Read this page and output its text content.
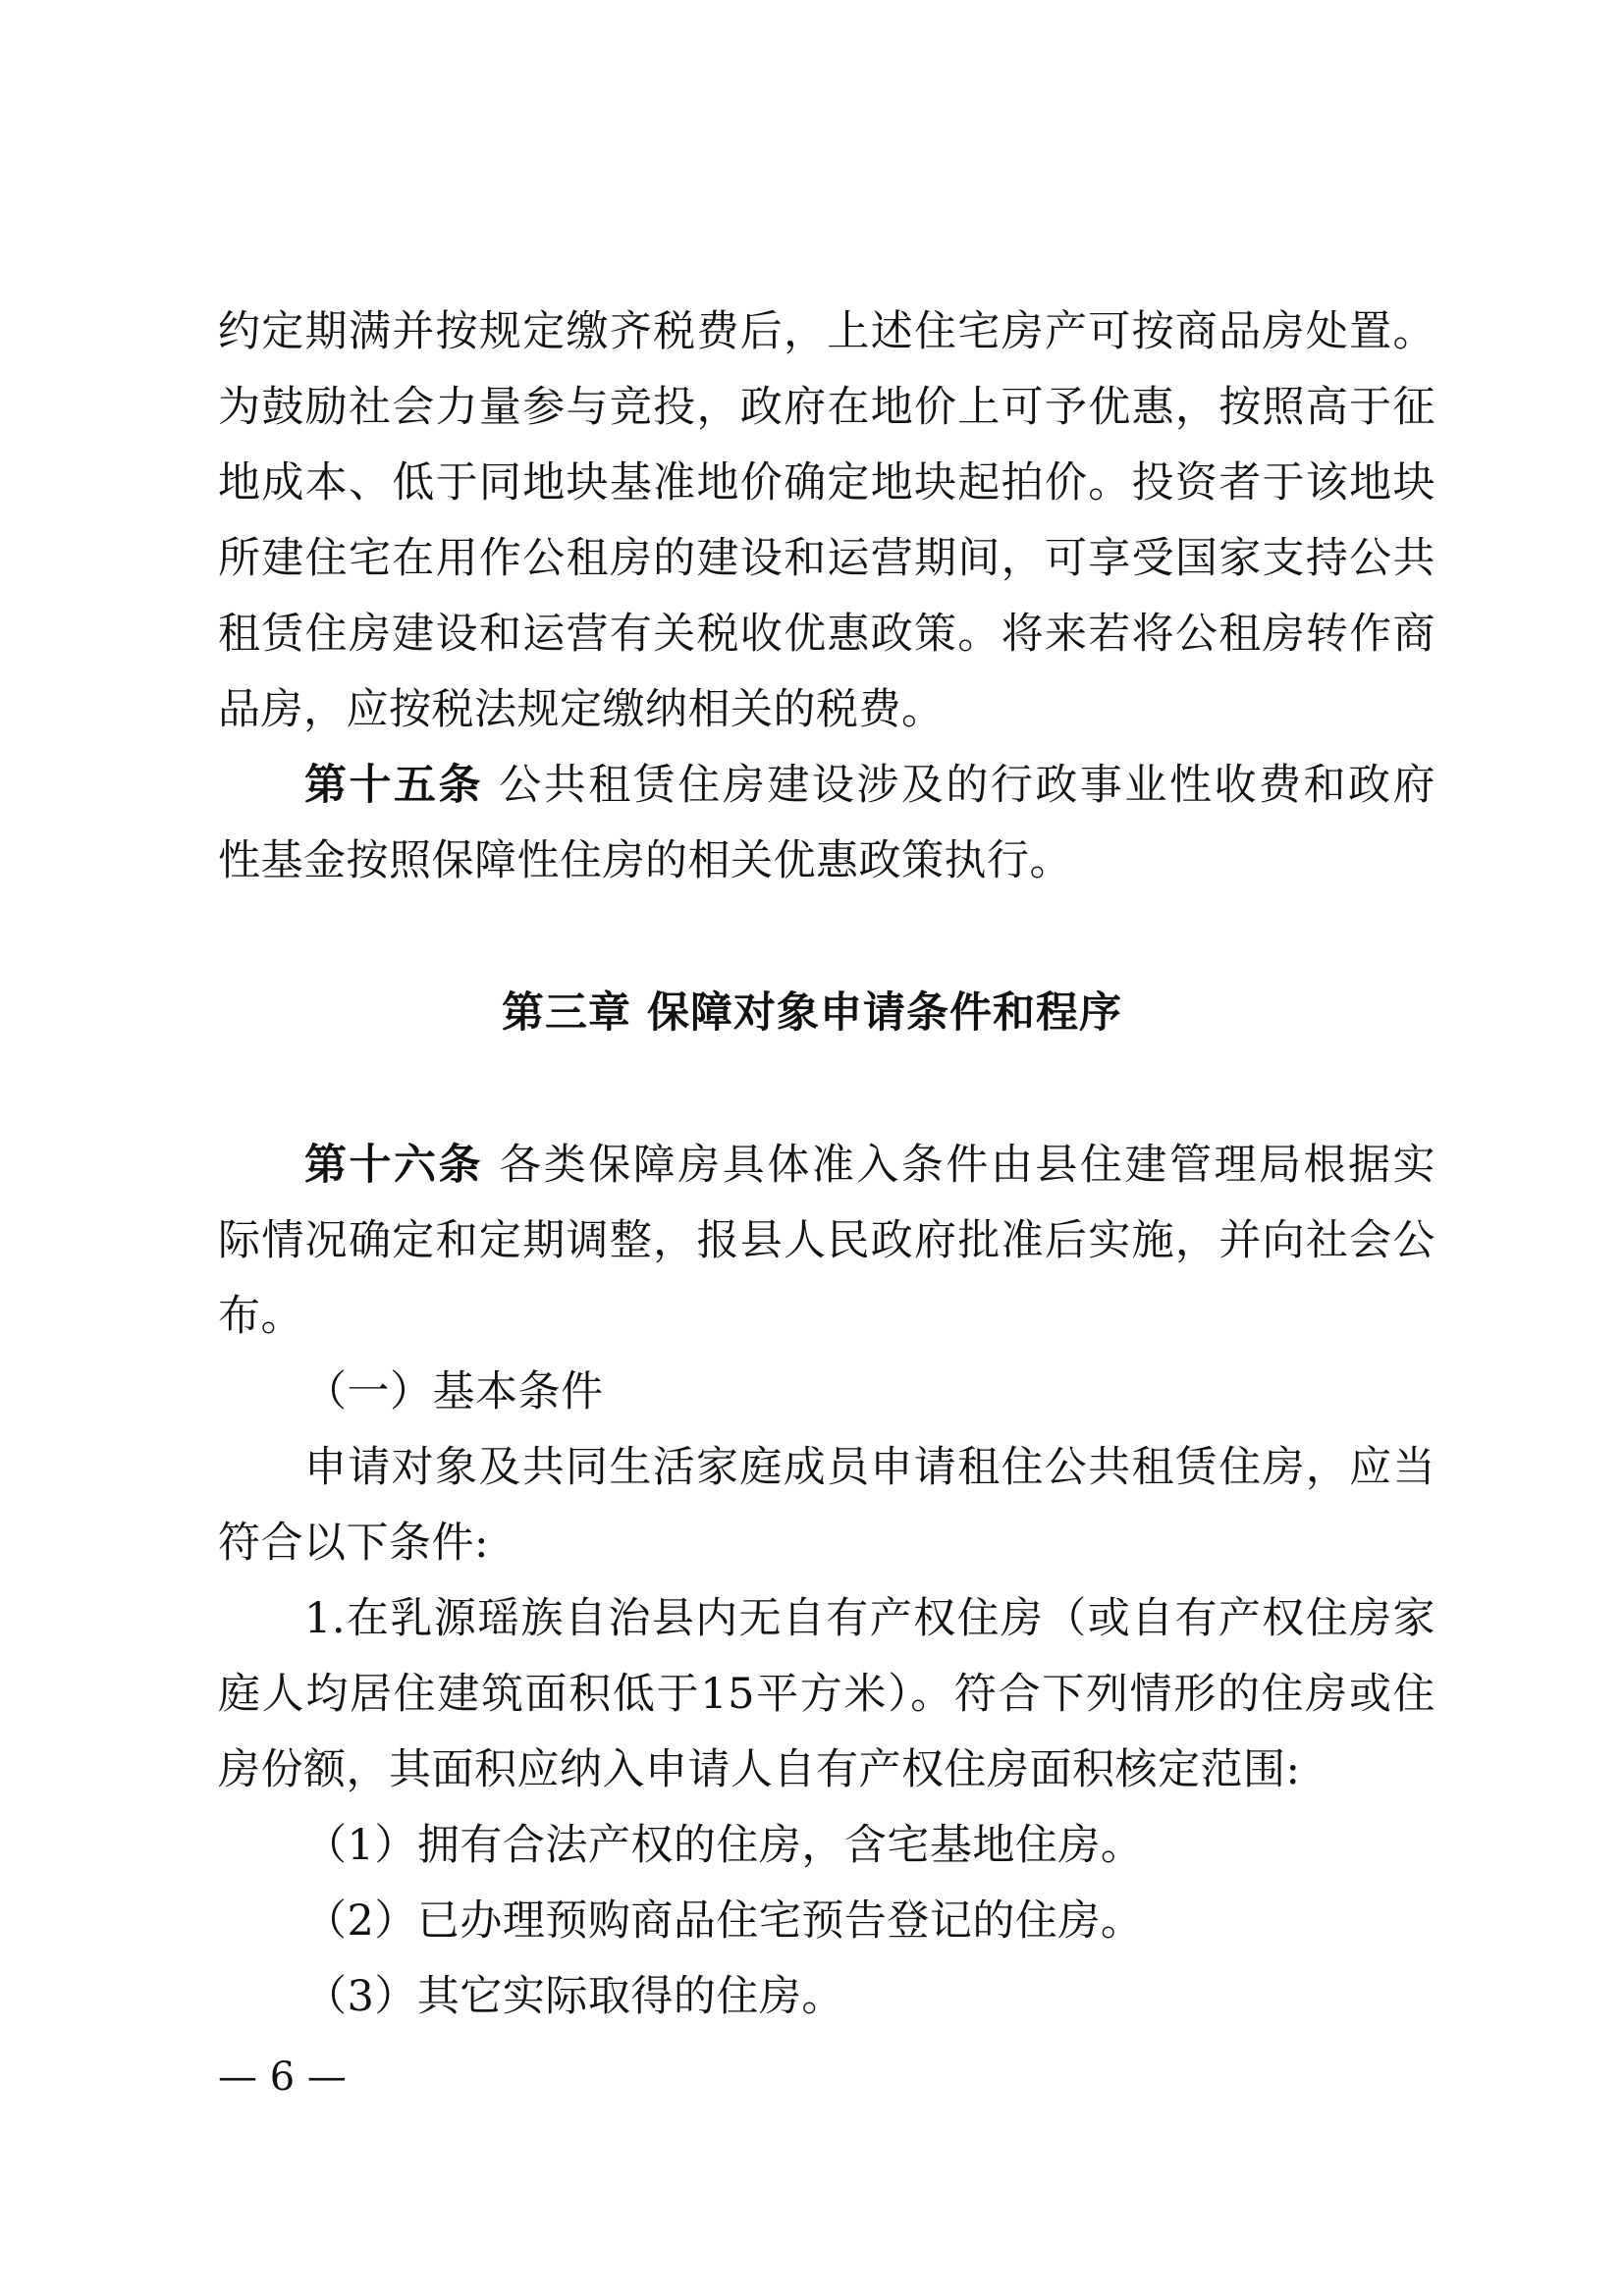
约定期满并按规定缴齐税费后，上述住宅房产可按商品房处置。
为鼓励社会力量参与竞投，政府在地价上可予优惠，按照高于征
地成本、低于同地块基准地价确定地块起拍价。投资者于该地块
所建住宅在用作公租房的建设和运营期间，可享受国家支持公共
租赁住房建设和运营有关税收优惠政策。将来若将公租房转作商
品房，应按税法规定缴纳相关的税费。
第十五条 公共租赁住房建设涉及的行政事业性收费和政府
性基金按照保障性住房的相关优惠政策执行。
第三章 保障对象申请条件和程序
第十六条 各类保障房具体准入条件由县住建管理局根据实
际情况确定和定期调整，报县人民政府批准后实施，并向社会公
布。
（一）基本条件
申请对象及共同生活家庭成员申请租住公共租赁住房，应当
符合以下条件:
1.在乳源瑶族自治县内无自有产权住房（或自有产权住房家
庭人均居住建筑面积低于15平方米）。符合下列情形的住房或住
房份额，其面积应纳入申请人自有产权住房面积核定范围:
（1）拥有合法产权的住房，含宅基地住房。
（2）已办理预购商品住宅预告登记的住房。
（3）其它实际取得的住房。
— 6 —
